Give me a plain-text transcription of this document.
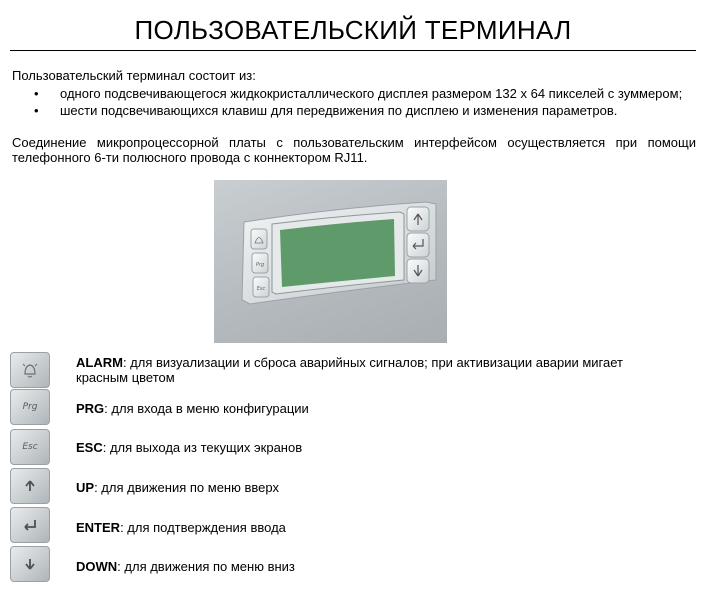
ПОЛЬЗОВАТЕЛЬСКИЙ ТЕРМИНАЛ
Пользовательский терминал состоит из:
• одного подсвечивающегося жидкокристаллического дисплея размером 132 x 64 пикселей с зуммером;
• шести подсвечивающихся клавиш для передвижения по дисплею и изменения параметров.
Соединение микропроцессорной платы с пользовательским интерфейсом осуществляется при помощи телефонного 6-ти полюсного провода с коннектором RJ11.
Prg
Esc
Prg
Esc
ALARM: для визуализации и сброса аварийных сигналов; при активизации аварии мигает красным цветом
PRG: для входа в меню конфигурации
ESC: для выхода из текущих экранов
UP: для движения по меню вверх
ENTER: для подтверждения ввода
DOWN: для движения по меню вниз
